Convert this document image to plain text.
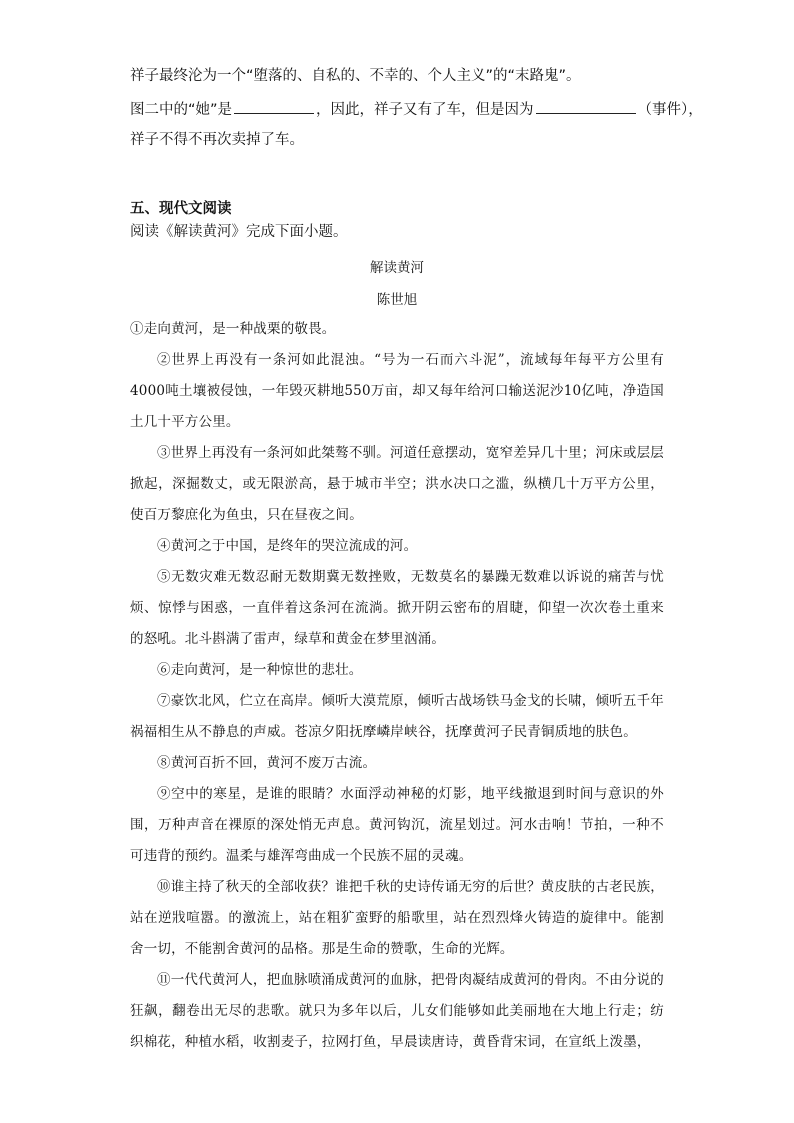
祥子最终沦为一个“堕落的、自私的、不幸的、个人主义”的“末路鬼”。
图二中的“她”是	，因此，祥子又有了车，但是因为	（事件），
祥子不得不再次卖掉了车。
五、现代文阅读
阅读《解读黄河》完成下面小题。
解读黄河
陈世旭
①走向黄河，是一种战栗的敬畏。
②世界上再没有一条河如此混浊。“号为一石而六斗泥”，流域每年每平方公里有4000吨土壤被侵蚀，一年毁灭耕地550万亩，却又每年给河口输送泥沙10亿吨，净造国土几十平方公里。
③世界上再没有一条河如此桀骜不驯。河道任意摆动，宽窄差异几十里；河床或层层掀起，深掘数丈，或无限淤高，悬于城市半空；洪水决口之滥，纵横几十万平方公里，使百万黎庶化为鱼虫，只在昼夜之间。
④黄河之于中国，是终年的哭泣流成的河。
⑤无数灾难无数忍耐无数期冀无数挫败，无数莫名的暴躁无数难以诉说的痛苦与忧烦、惊悸与困惑，一直伴着这条河在流淌。掀开阴云密布的眉睫，仰望一次次卷土重来的怒吼。北斗斟满了雷声，绿草和黄金在梦里汹涌。
⑥走向黄河，是一种惊世的悲壮。
⑦豪饮北风，伫立在高岸。倾听大漠荒原，倾听古战场铁马金戈的长啸，倾听五千年祸福相生从不静息的声威。苍凉夕阳抚摩嶙岸峡谷，抚摩黄河子民青铜质地的肤色。
⑧黄河百折不回，黄河不废万古流。
⑨空中的寒星，是谁的眼睛？水面浮动神秘的灯影，地平线撤退到时间与意识的外围，万种声音在裸原的深处悄无声息。黄河钩沉，流星划过。河水击响！节拍，一种不可违背的预约。温柔与雄浑弯曲成一个民族不屈的灵魂。
⑩谁主持了秋天的全部收获？谁把千秋的史诗传诵无穷的后世？黄皮肤的古老民族，站在逆戕喧嚣。的激流上，站在粗犷蛮野的船歌里，站在烈烈烽火铸造的旋律中。能割舍一切，不能割舍黄河的品格。那是生命的赞歌，生命的光辉。
⑪一代代黄河人，把血脉喷涌成黄河的血脉，把骨肉凝结成黄河的骨肉。不由分说的狂飙，翻卷出无尽的悲歌。就只为多年以后，儿女们能够如此美丽地在大地上行走；纺织棉花，种植水稻，收割麦子，拉网打鱼，早晨读唐诗，黄昏背宋词，在宣纸上泼墨，
